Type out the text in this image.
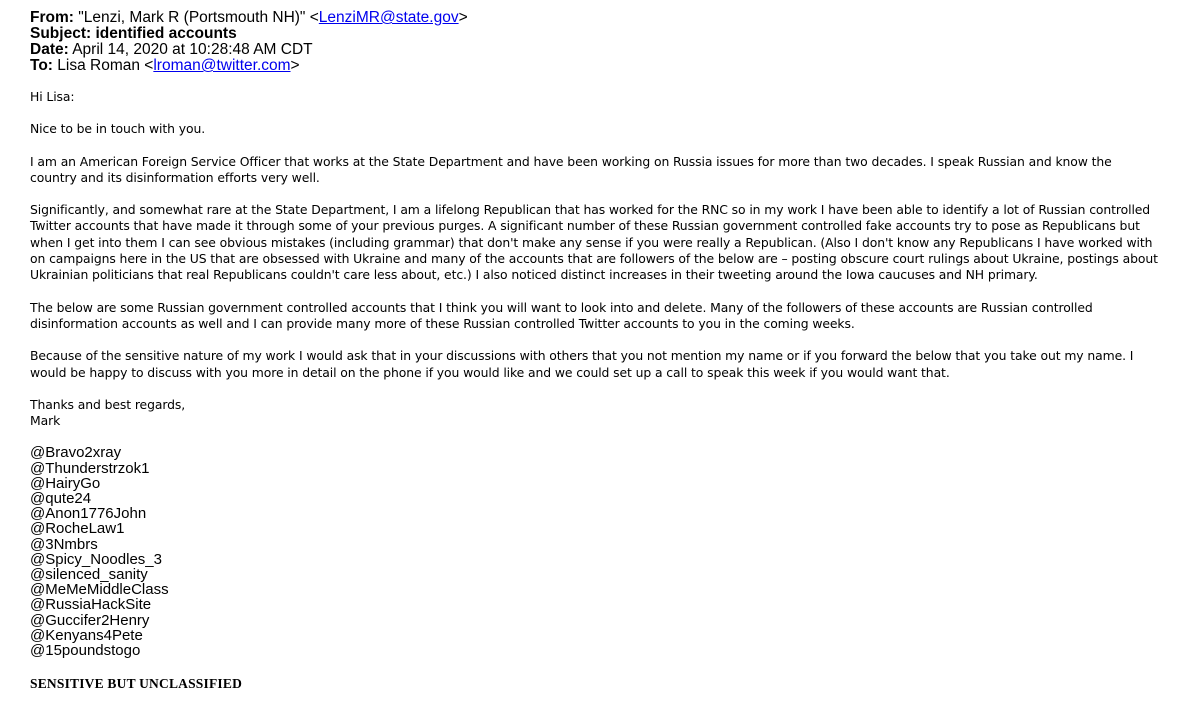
From: "Lenzi, Mark R (Portsmouth NH)" <LenziMR@state.gov>
Subject: identified accounts
Date: April 14, 2020 at 10:28:48 AM CDT
To: Lisa Roman <lroman@twitter.com>
Hi Lisa:
Nice to be in touch with you.
I am an American Foreign Service Officer that works at the State Department and have been working on Russia issues for more than two decades. I speak Russian and know the country and its disinformation efforts very well.
Significantly, and somewhat rare at the State Department, I am a lifelong Republican that has worked for the RNC so in my work I have been able to identify a lot of Russian controlled Twitter accounts that have made it through some of your previous purges. A significant number of these Russian government controlled fake accounts try to pose as Republicans but when I get into them I can see obvious mistakes (including grammar) that don't make any sense if you were really a Republican. (Also I don't know any Republicans I have worked with on campaigns here in the US that are obsessed with Ukraine and many of the accounts that are followers of the below are – posting obscure court rulings about Ukraine, postings about Ukrainian politicians that real Republicans couldn't care less about, etc.) I also noticed distinct increases in their tweeting around the Iowa caucuses and NH primary.
The below are some Russian government controlled accounts that I think you will want to look into and delete. Many of the followers of these accounts are Russian controlled disinformation accounts as well and I can provide many more of these Russian controlled Twitter accounts to you in the coming weeks.
Because of the sensitive nature of my work I would ask that in your discussions with others that you not mention my name or if you forward the below that you take out my name. I would be happy to discuss with you more in detail on the phone if you would like and we could set up a call to speak this week if you would want that.
Thanks and best regards,
Mark
@Bravo2xray
@Thunderstrzok1
@HairyGo
@qute24
@Anon1776John
@RocheLaw1
@3Nmbrs
@Spicy_Noodles_3
@silenced_sanity
@MeMeMiddleClass
@RussiaHackSite
@Guccifer2Henry
@Kenyans4Pete
@15poundstogo
SENSITIVE BUT UNCLASSIFIED
